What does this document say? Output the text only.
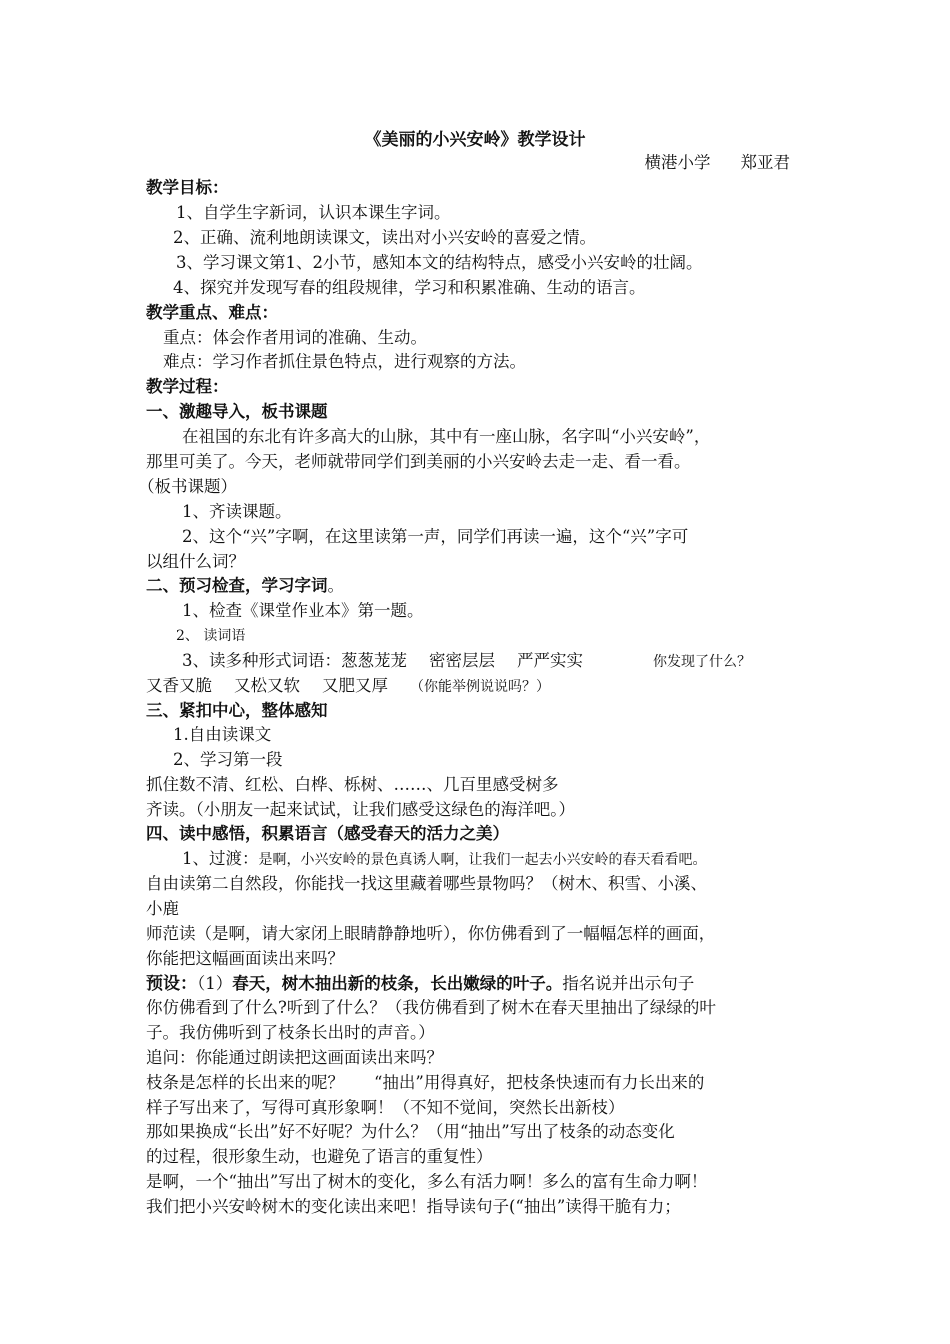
《美丽的小兴安岭》教学设计
横港小学 郑亚君
教学目标：
1、自学生字新词，认识本课生字词。
2、正确、流利地朗读课文，读出对小兴安岭的喜爱之情。
3、学习课文第1、2小节，感知本文的结构特点，感受小兴安岭的壮阔。
4、探究并发现写春的组段规律，学习和积累准确、生动的语言。
教学重点、难点：
重点：体会作者用词的准确、生动。
难点：学习作者抓住景色特点，进行观察的方法。
教学过程：
一、激趣导入，板书课题
在祖国的东北有许多高大的山脉，其中有一座山脉，名字叫“小兴安岭”，
那里可美了。今天，老师就带同学们到美丽的小兴安岭去走一走、看一看。
（板书课题）
1、齐读课题。
2、这个“兴”字啊，在这里读第一声，同学们再读一遍，这个“兴”字可
以组什么词？
二、预习检查，学习字词。
1、检查《课堂作业本》第一题。
2、 读词语
3、读多种形式词语：葱葱茏茏 密密层层 严严实实	你发现了什么？
又香又脆 又松又软 又肥又厚 （你能举例说说吗？）
三、紧扣中心，整体感知
1.自由读课文
2、学习第一段
抓住数不清、红松、白桦、栎树、……、几百里感受树多
齐读。（小朋友一起来试试，让我们感受这绿色的海洋吧。）
四、读中感悟，积累语言（感受春天的活力之美）
1、过渡：是啊，小兴安岭的景色真诱人啊，让我们一起去小兴安岭的春天看看吧。
自由读第二自然段，你能找一找这里藏着哪些景物吗？（树木、积雪、小溪、
小鹿
师范读（是啊，请大家闭上眼睛静静地听），你仿佛看到了一幅幅怎样的画面，
你能把这幅画面读出来吗？
预设：（1）春天，树木抽出新的枝条，长出嫩绿的叶子。指名说并出示句子
你仿佛看到了什么?听到了什么？（我仿佛看到了树木在春天里抽出了绿绿的叶
子。我仿佛听到了枝条长出时的声音。）
追问：你能通过朗读把这画面读出来吗？
枝条是怎样的长出来的呢？ “抽出”用得真好，把枝条快速而有力长出来的
样子写出来了，写得可真形象啊！（不知不觉间，突然长出新枝）
那如果换成“长出”好不好呢？为什么？（用“抽出”写出了枝条的动态变化
的过程，很形象生动，也避免了语言的重复性）
是啊，一个“抽出”写出了树木的变化，多么有活力啊！多么的富有生命力啊！
我们把小兴安岭树木的变化读出来吧！指导读句子(“抽出”读得干脆有力；
